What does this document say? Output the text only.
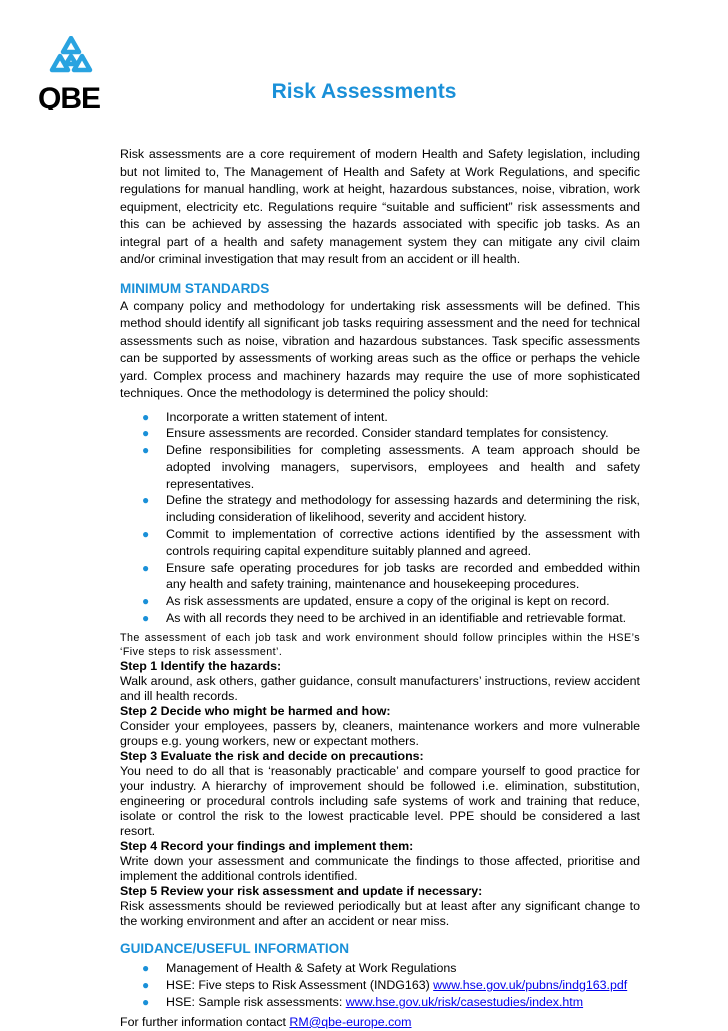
QBE	Risk Assessments

Risk assessments are a core requirement of modern Health and Safety legislation, including but not limited to, The Management of Health and Safety at Work Regulations, and specific regulations for manual handling, work at height, hazardous substances, noise, vibration, work equipment, electricity etc. Regulations require “suitable and sufficient” risk assessments and this can be achieved by assessing the hazards associated with specific job tasks. As an integral part of a health and safety management system they can mitigate any civil claim and/or criminal investigation that may result from an accident or ill health.

MINIMUM STANDARDS

A company policy and methodology for undertaking risk assessments will be defined. This method should identify all significant job tasks requiring assessment and the need for technical assessments such as noise, vibration and hazardous substances. Task specific assessments can be supported by assessments of working areas such as the office or perhaps the vehicle yard. Complex process and machinery hazards may require the use of more sophisticated techniques. Once the methodology is determined the policy should:

● Incorporate a written statement of intent.
● Ensure assessments are recorded. Consider standard templates for consistency.
● Define responsibilities for completing assessments. A team approach should be adopted involving managers, supervisors, employees and health and safety representatives.
● Define the strategy and methodology for assessing hazards and determining the risk, including consideration of likelihood, severity and accident history.
● Commit to implementation of corrective actions identified by the assessment with controls requiring capital expenditure suitably planned and agreed.
● Ensure safe operating procedures for job tasks are recorded and embedded within any health and safety training, maintenance and housekeeping procedures.
● As risk assessments are updated, ensure a copy of the original is kept on record.
● As with all records they need to be archived in an identifiable and retrievable format.

The assessment of each job task and work environment should follow principles within the HSE’s ‘Five steps to risk assessment’.

Step 1 Identify the hazards:

Walk around, ask others, gather guidance, consult manufacturers’ instructions, review accident and ill health records.

Step 2 Decide who might be harmed and how:

Consider your employees, passers by, cleaners, maintenance workers and more vulnerable groups e.g. young workers, new or expectant mothers.

Step 3 Evaluate the risk and decide on precautions:

You need to do all that is ‘reasonably practicable’ and compare yourself to good practice for your industry. A hierarchy of improvement should be followed i.e. elimination, substitution, engineering or procedural controls including safe systems of work and training that reduce, isolate or control the risk to the lowest practicable level. PPE should be considered a last resort.

Step 4 Record your findings and implement them:

Write down your assessment and communicate the findings to those affected, prioritise and implement the additional controls identified.

Step 5 Review your risk assessment and update if necessary:

Risk assessments should be reviewed periodically but at least after any significant change to the working environment and after an accident or near miss.

GUIDANCE/USEFUL INFORMATION
● Management of Health & Safety at Work Regulations
● HSE: Five steps to Risk Assessment (INDG163) www.hse.gov.uk/pubns/indg163.pdf
● HSE: Sample risk assessments: www.hse.gov.uk/risk/casestudies/index.htm

For further information contact RM@qbe-europe.com
